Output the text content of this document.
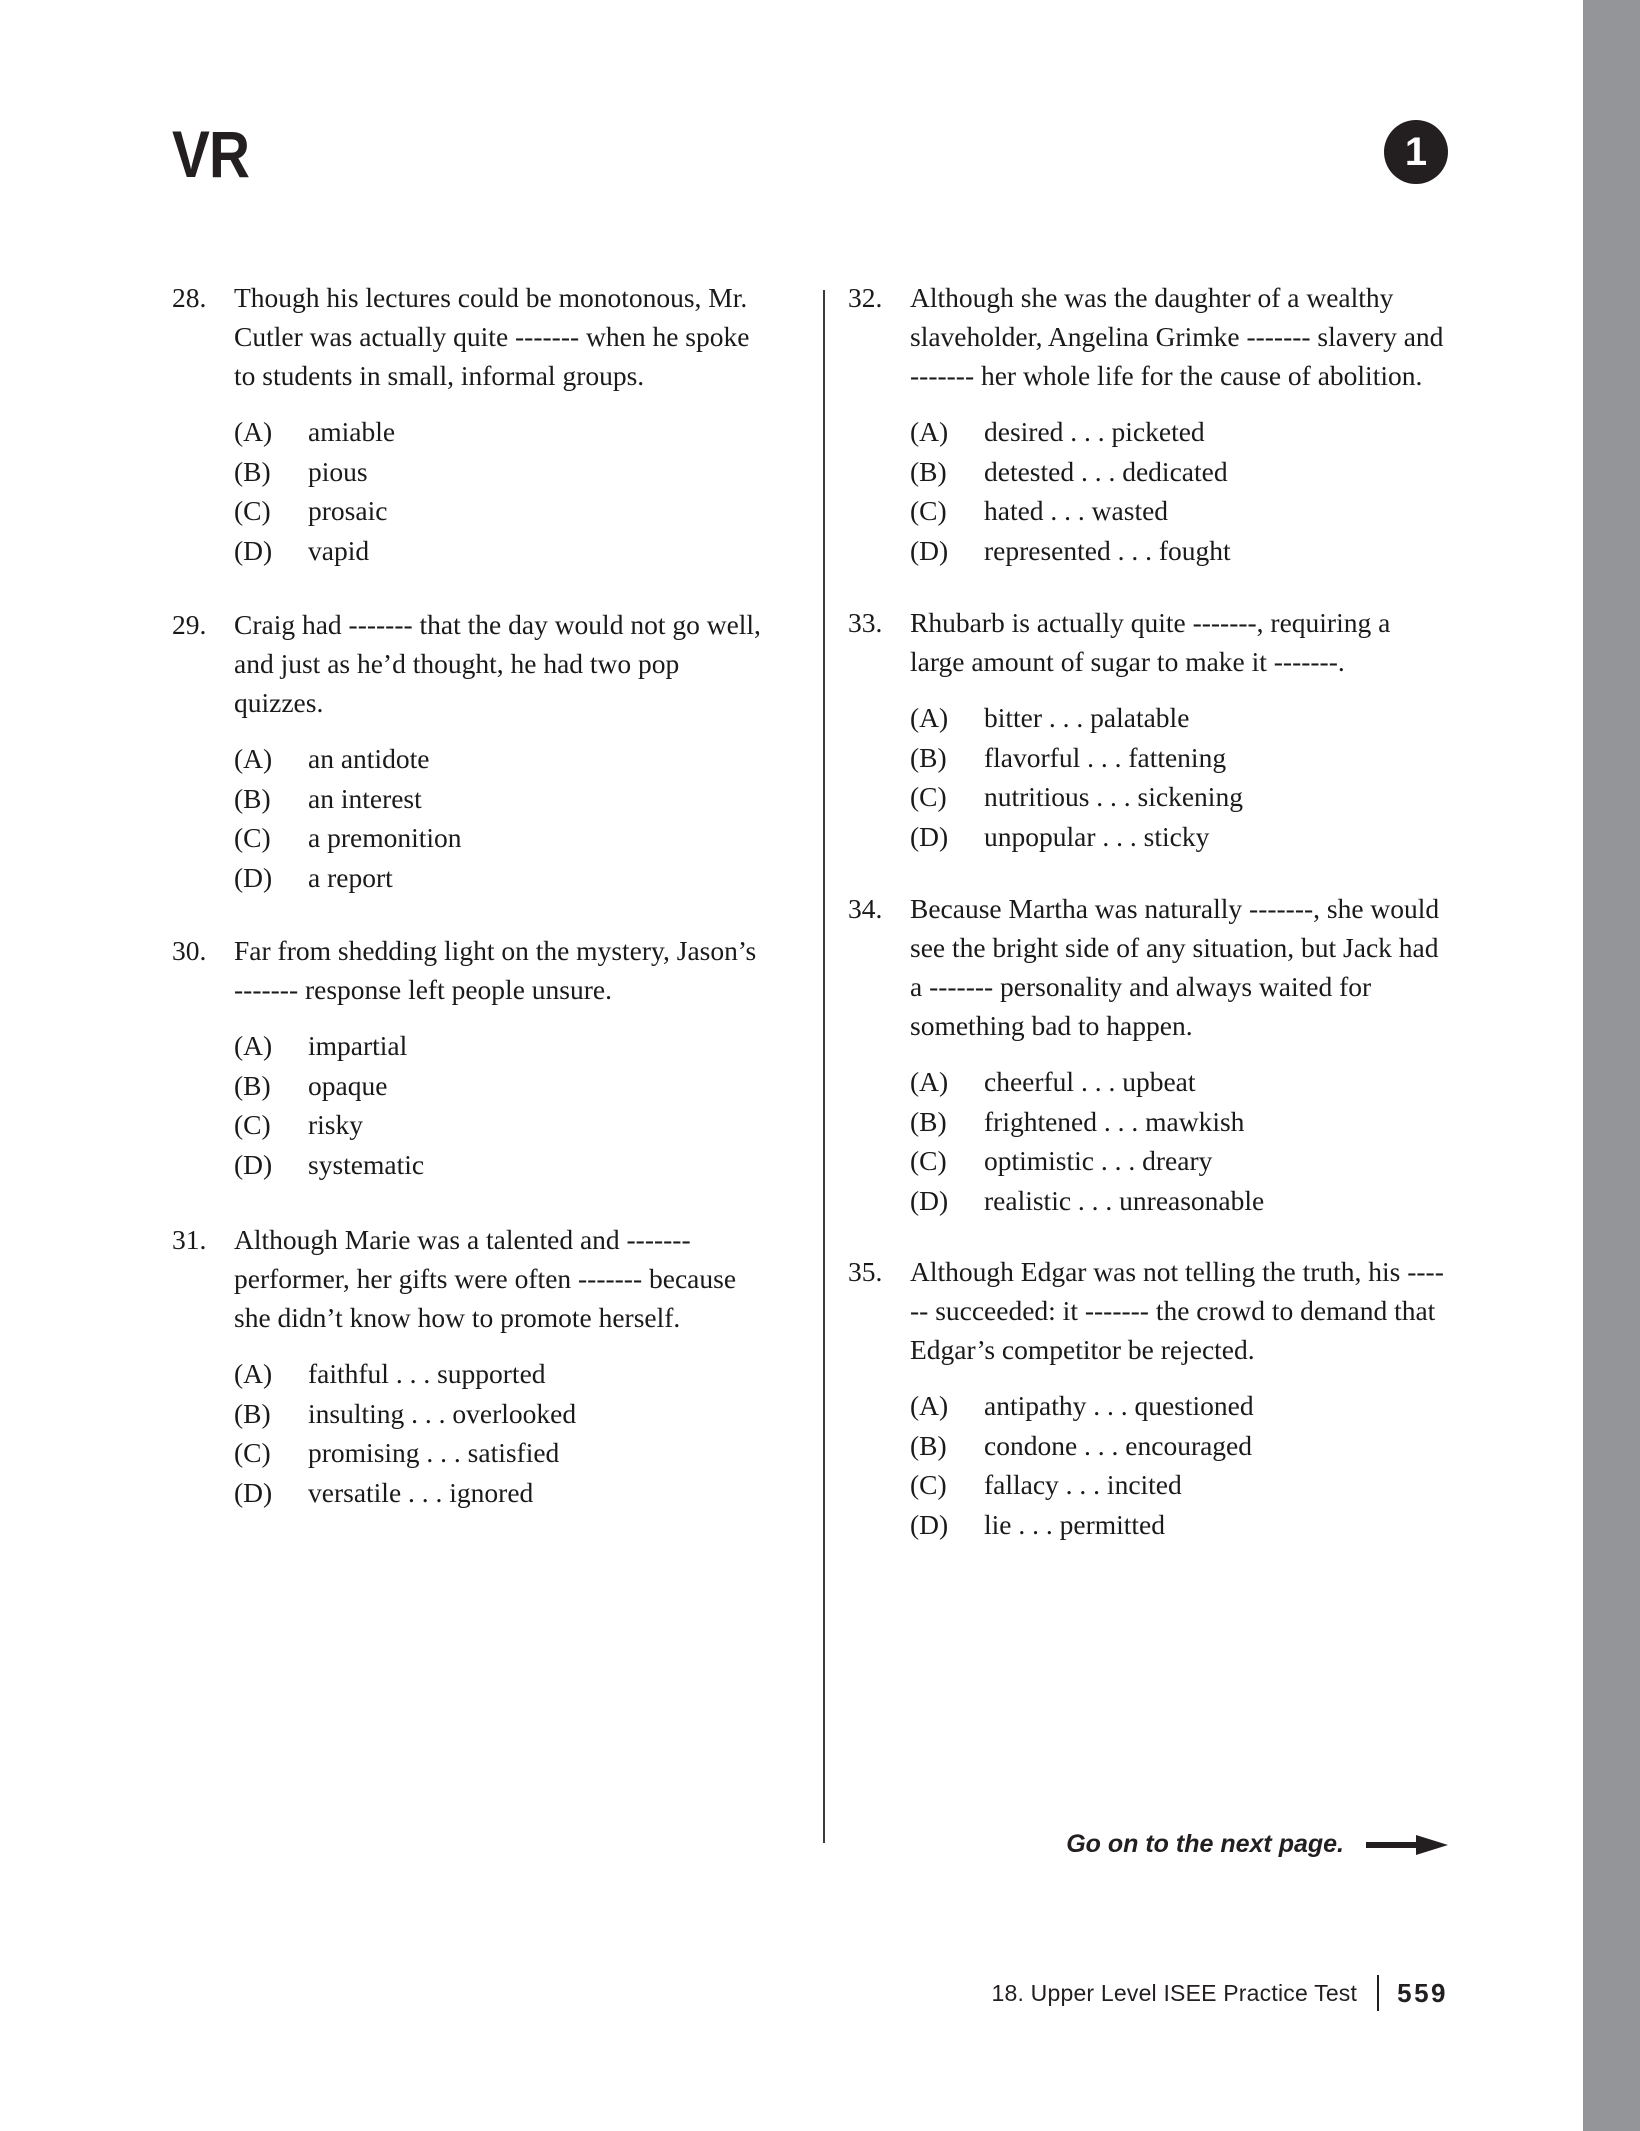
VR	1
28.	Though his lectures could be monotonous, Mr. Cutler was actually quite ------- when he spoke to students in small, informal groups.
(A)	amiable
(B)	pious
(C)	prosaic
(D)	vapid
29.	Craig had ------- that the day would not go well, and just as he’d thought, he had two pop quizzes.
(A)	an antidote
(B)	an interest
(C)	a premonition
(D)	a report
30.	Far from shedding light on the mystery, Jason’s ------- response left people unsure.
(A)	impartial
(B)	opaque
(C)	risky
(D)	systematic
31.	Although Marie was a talented and ------- performer, her gifts were often ------- because she didn’t know how to promote herself.
(A)	faithful . . . supported
(B)	insulting . . . overlooked
(C)	promising . . . satisfied
(D)	versatile . . . ignored
32.	Although she was the daughter of a wealthy slaveholder, Angelina Grimke ------- slavery and ------- her whole life for the cause of abolition.
(A)	desired . . . picketed
(B)	detested . . . dedicated
(C)	hated . . . wasted
(D)	represented . . . fought
33.	Rhubarb is actually quite -------, requiring a large amount of sugar to make it -------.
(A)	bitter . . . palatable
(B)	flavorful . . . fattening
(C)	nutritious . . . sickening
(D)	unpopular . . . sticky
34.	Because Martha was naturally -------, she would see the bright side of any situation, but Jack had a ------- personality and always waited for something bad to happen.
(A)	cheerful . . . upbeat
(B)	frightened . . . mawkish
(C)	optimistic . . . dreary
(D)	realistic . . . unreasonable
35.	Although Edgar was not telling the truth, his ------ succeeded: it ------- the crowd to demand that Edgar’s competitor be rejected.
(A)	antipathy . . . questioned
(B)	condone . . . encouraged
(C)	fallacy . . . incited
(D)	lie . . . permitted
Go on to the next page.
18. Upper Level ISEE Practice Test 559
